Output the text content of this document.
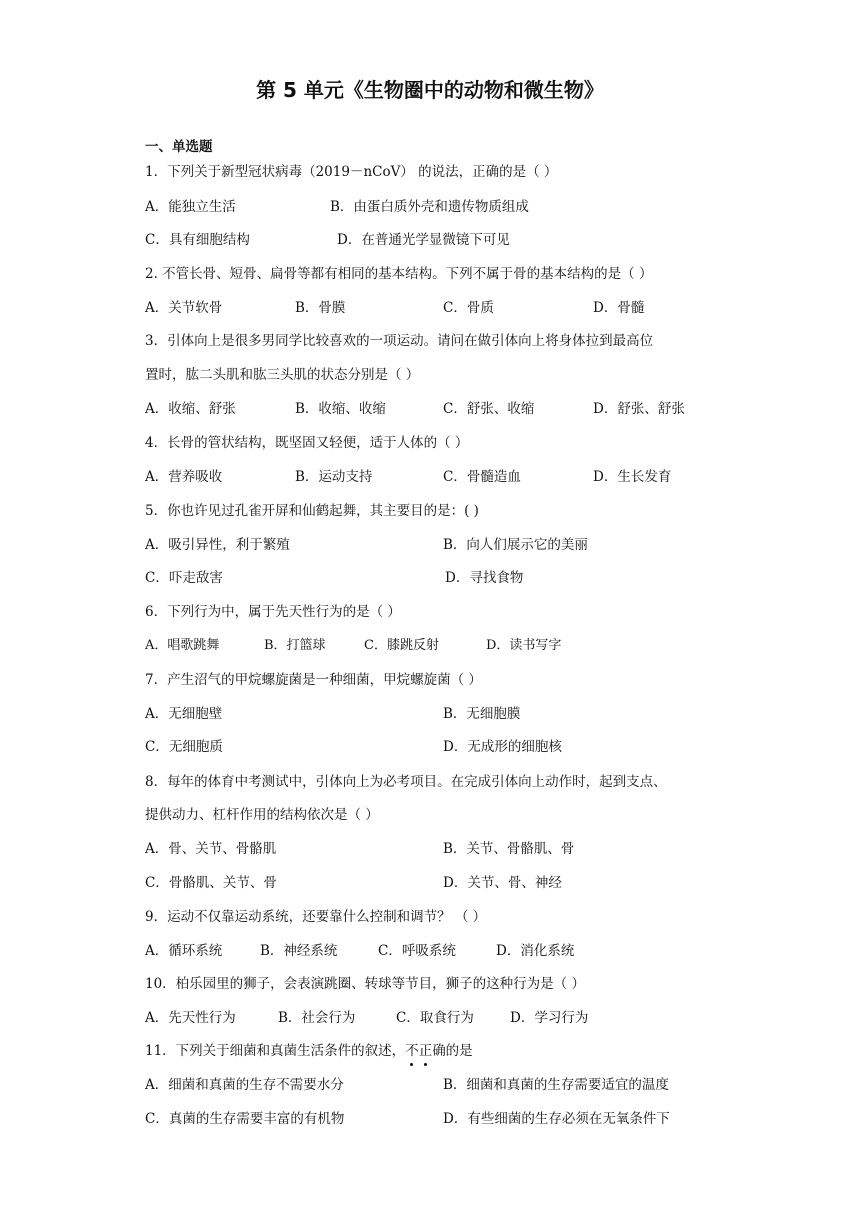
第 5 单元《生物圈中的动物和微生物》
一、单选题
1．下列关于新型冠状病毒（2019－nCoV） 的说法，正确的是（ ）
A．能独立生活	B．由蛋白质外壳和遗传物质组成
C．具有细胞结构	D．在普通光学显微镜下可见
2. 不管长骨、短骨、扁骨等都有相同的基本结构。下列不属于骨的基本结构的是（ ）
A．关节软骨	B．骨膜	C．骨质	D．骨髓
3．引体向上是很多男同学比较喜欢的一项运动。请问在做引体向上将身体拉到最高位
置时，肱二头肌和肱三头肌的状态分别是（ ）
A．收缩、舒张	B．收缩、收缩	C．舒张、收缩	D．舒张、舒张
4．长骨的管状结构，既坚固又轻便，适于人体的（ ）
A．营养吸收	B．运动支持	C．骨髓造血	D．生长发育
5．你也许见过孔雀开屏和仙鹤起舞，其主要目的是：( )
A．吸引异性，利于繁殖	B．向人们展示它的美丽
C．吓走敌害	D．寻找食物
6．下列行为中，属于先天性行为的是（ ）
A．唱歌跳舞	B．打篮球	C．膝跳反射	D．读书写字
7．产生沼气的甲烷螺旋菌是一种细菌，甲烷螺旋菌（ ）
A．无细胞壁	B．无细胞膜
C．无细胞质	D．无成形的细胞核
8．每年的体育中考测试中，引体向上为必考项目。在完成引体向上动作时，起到支点、
提供动力、杠杆作用的结构依次是（ ）
A．骨、关节、骨骼肌	B．关节、骨骼肌、骨
C．骨骼肌、关节、骨	D．关节、骨、神经
9．运动不仅靠运动系统，还要靠什么控制和调节？ （ ）
A．循环系统	B．神经系统	C．呼吸系统	D．消化系统
10．柏乐园里的狮子，会表演跳圈、转球等节目，狮子的这种行为是（ ）
A．先天性行为	B．社会行为	C．取食行为	D．学习行为
11．下列关于细菌和真菌生活条件的叙述，不正确的是
A．细菌和真菌的生存不需要水分	B．细菌和真菌的生存需要适宜的温度
C．真菌的生存需要丰富的有机物	D．有些细菌的生存必须在无氧条件下
